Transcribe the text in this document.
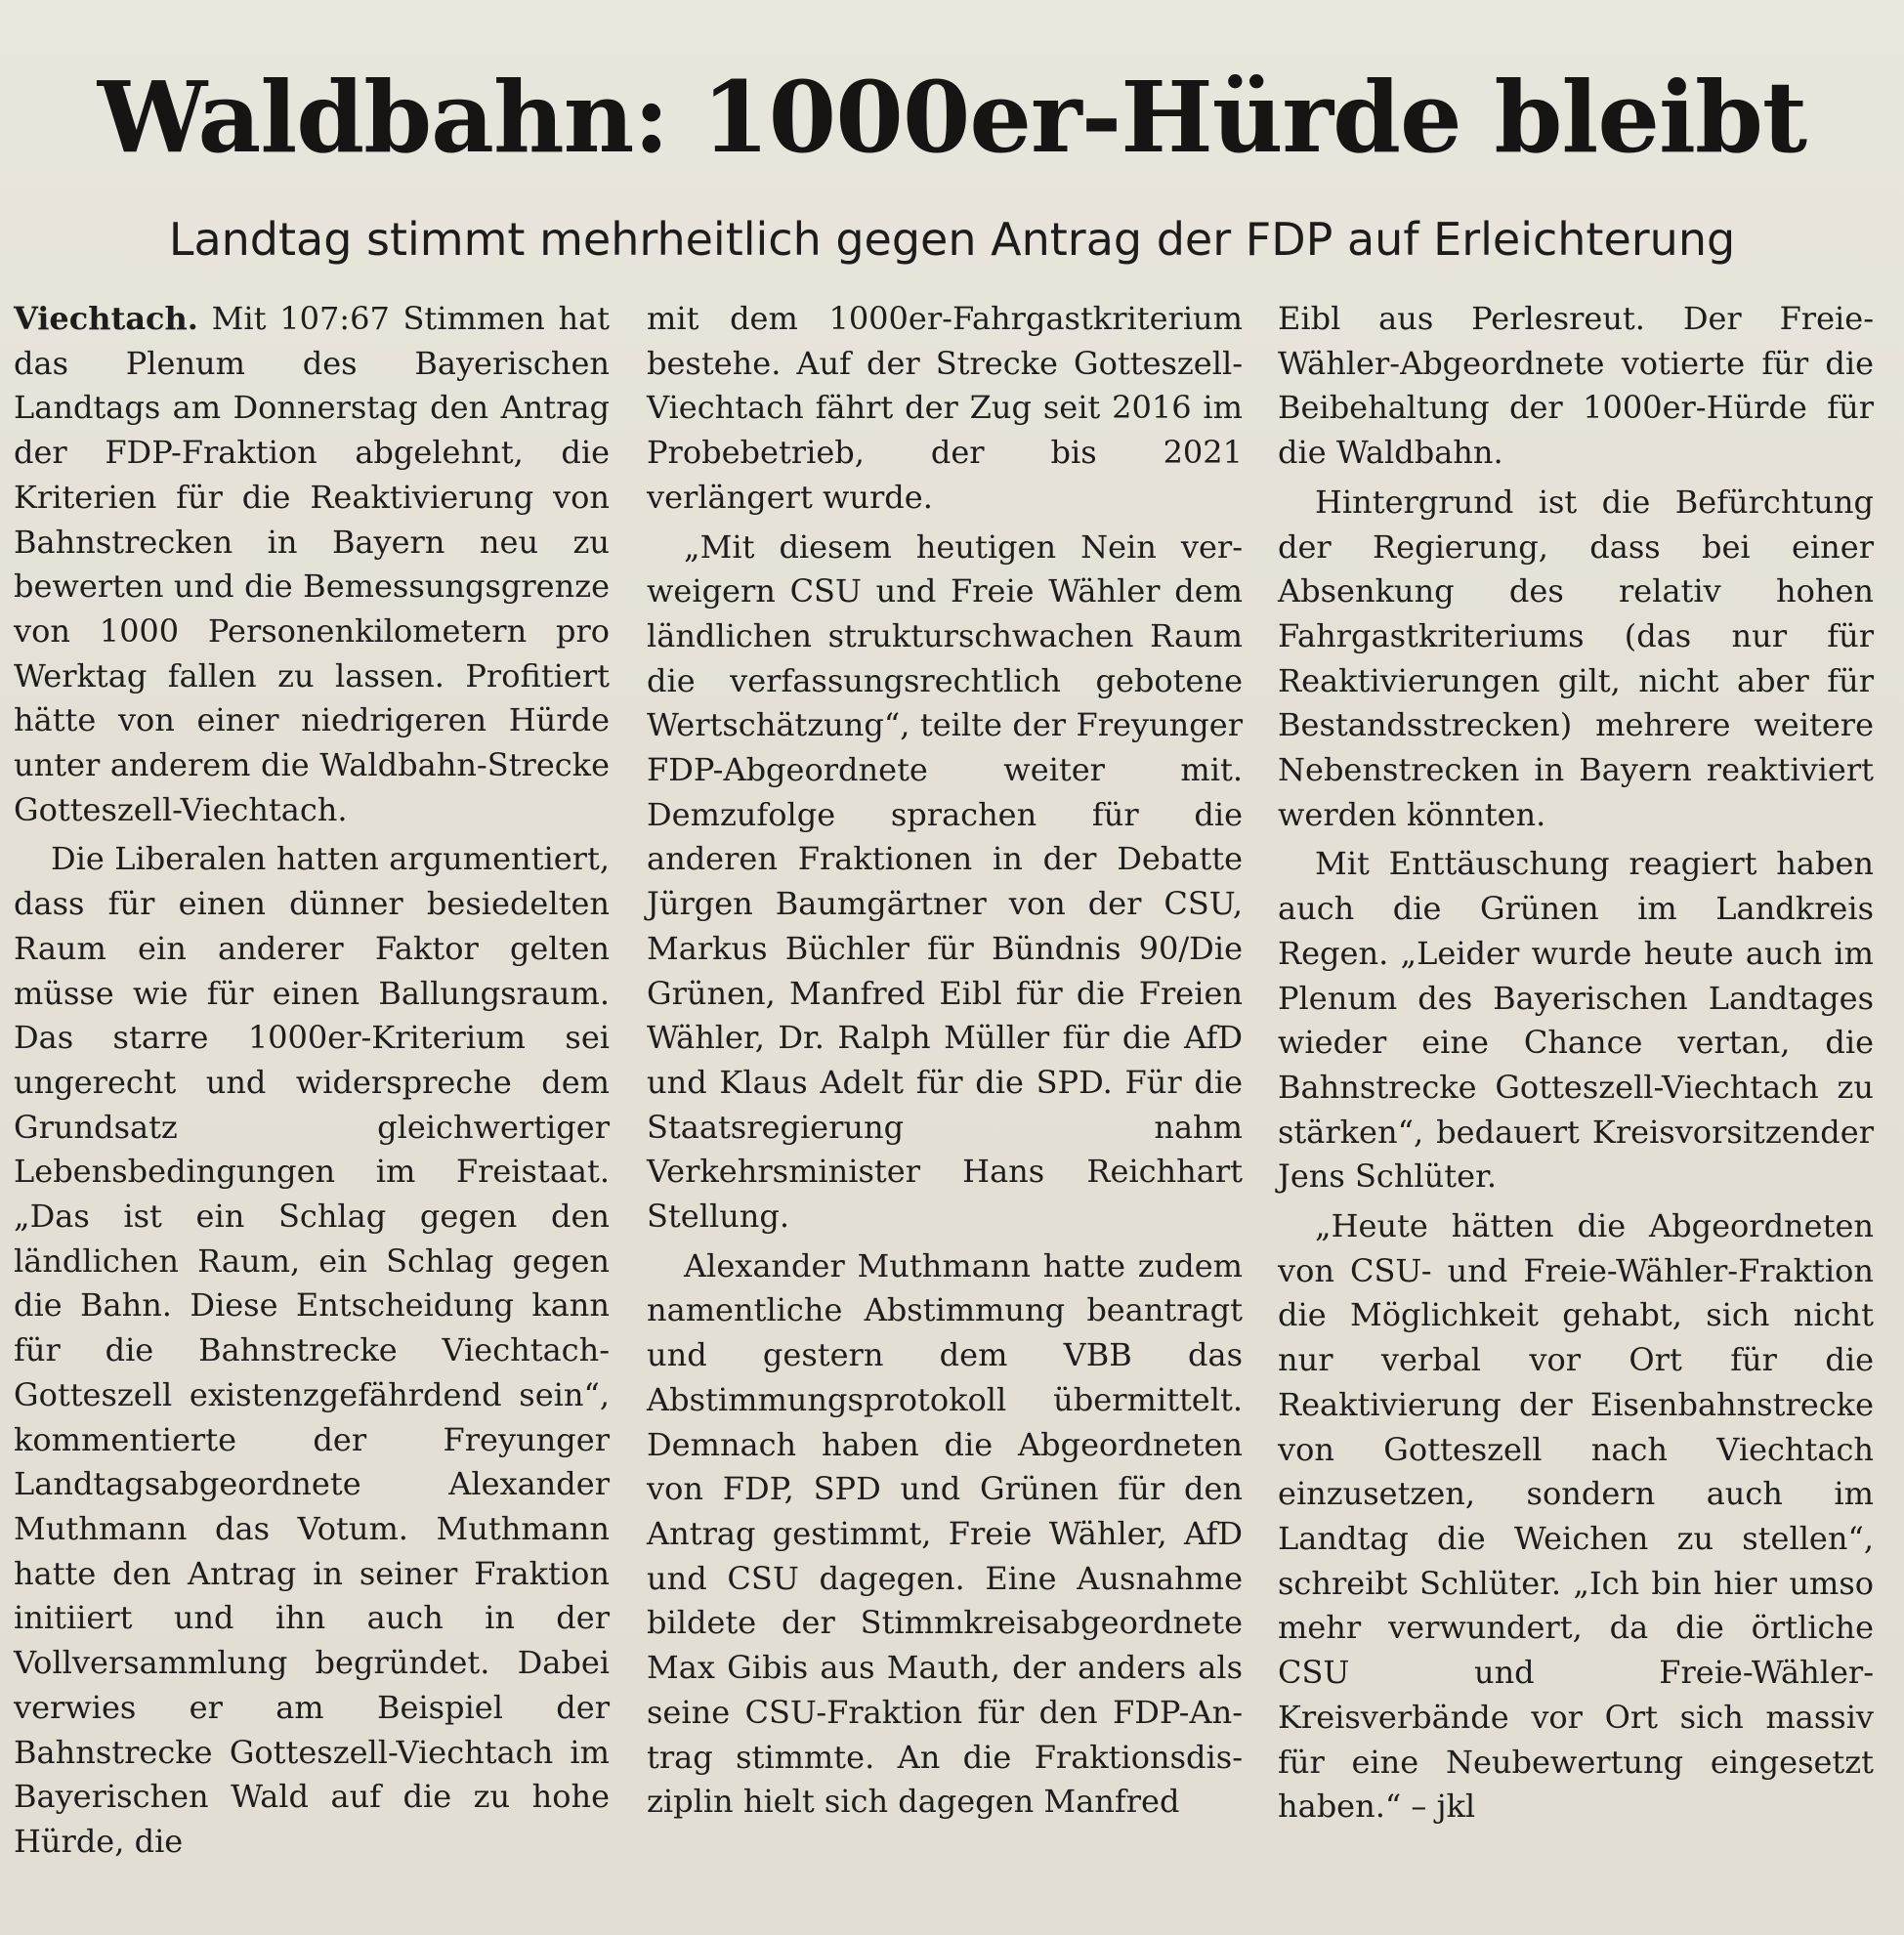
Waldbahn: 1000er-Hürde bleibt
Landtag stimmt mehrheitlich gegen Antrag der FDP auf Erleichterung

Viechtach. Mit 107:67 Stimmen hat das Plenum des Bayerischen Landtags am Donnerstag den Antrag der FDP-Fraktion abgelehnt, die Kriterien für die Reaktivierung von Bahnstrecken in Bayern neu zu bewerten und die Bemessungsgrenze von 1000 Personenkilometern pro Werktag fallen zu lassen. Profitiert hätte von einer niedrigeren Hürde unter anderem die Waldbahn-Strecke Gotteszell-Viechtach.

Die Liberalen hatten argumentiert, dass für einen dünner besiedelten Raum ein anderer Faktor gelten müsse wie für einen Ballungsraum. Das starre 1000er-Kriterium sei ungerecht und widerspreche dem Grundsatz gleichwertiger Lebensbedingungen im Freistaat. „Das ist ein Schlag gegen den ländlichen Raum, ein Schlag gegen die Bahn. Diese Entscheidung kann für die Bahnstrecke Viechtach-Gotteszell existenzgefährdend sein“, kommentierte der Freyunger Landtagsabgeordnete Alexander Muthmann das Votum. Muthmann hatte den Antrag in seiner Fraktion initiiert und ihn auch in der Vollversammlung begründet. Dabei verwies er am Beispiel der Bahnstrecke Gotteszell-Viechtach im Bayerischen Wald auf die zu hohe Hürde, die

mit dem 1000er-Fahrgastkriterium bestehe. Auf der Strecke Gotteszell-Viechtach fährt der Zug seit 2016 im Probebetrieb, der bis 2021 verlängert wurde.

„Mit diesem heutigen Nein verweigern CSU und Freie Wähler dem ländlichen strukturschwachen Raum die verfassungsrechtlich gebotene Wertschätzung“, teilte der Freyunger FDP-Abgeordnete weiter mit. Demzufolge sprachen für die anderen Fraktionen in der Debatte Jürgen Baumgärtner von der CSU, Markus Büchler für Bündnis 90/Die Grünen, Manfred Eibl für die Freien Wähler, Dr. Ralph Müller für die AfD und Klaus Adelt für die SPD. Für die Staatsregierung nahm Verkehrsminister Hans Reichhart Stellung.

Alexander Muthmann hatte zudem namentliche Abstimmung beantragt und gestern dem VBB das Abstimmungsprotokoll übermittelt. Demnach haben die Abgeordneten von FDP, SPD und Grünen für den Antrag gestimmt, Freie Wähler, AfD und CSU dagegen. Eine Ausnahme bildete der Stimmkreisabgeordnete Max Gibis aus Mauth, der anders als seine CSU-Fraktion für den FDP-Antrag stimmte. An die Fraktionsdisziplin hielt sich dagegen Manfred

Eibl aus Perlesreut. Der Freie-Wähler-Abgeordnete votierte für die Beibehaltung der 1000er-Hürde für die Waldbahn.

Hintergrund ist die Befürchtung der Regierung, dass bei einer Absenkung des relativ hohen Fahrgastkriteriums (das nur für Reaktivierungen gilt, nicht aber für Bestandsstrecken) mehrere weitere Nebenstrecken in Bayern reaktiviert werden könnten.

Mit Enttäuschung reagiert haben auch die Grünen im Landkreis Regen. „Leider wurde heute auch im Plenum des Bayerischen Landtages wieder eine Chance vertan, die Bahnstrecke Gotteszell-Viechtach zu stärken“, bedauert Kreisvorsitzender Jens Schlüter.

„Heute hätten die Abgeordneten von CSU- und Freie-Wähler-Fraktion die Möglichkeit gehabt, sich nicht nur verbal vor Ort für die Reaktivierung der Eisenbahnstrecke von Gotteszell nach Viechtach einzusetzen, sondern auch im Landtag die Weichen zu stellen“, schreibt Schlüter. „Ich bin hier umso mehr verwundert, da die örtliche CSU und Freie-Wähler-Kreisverbände vor Ort sich massiv für eine Neubewertung eingesetzt haben.“ – jkl
